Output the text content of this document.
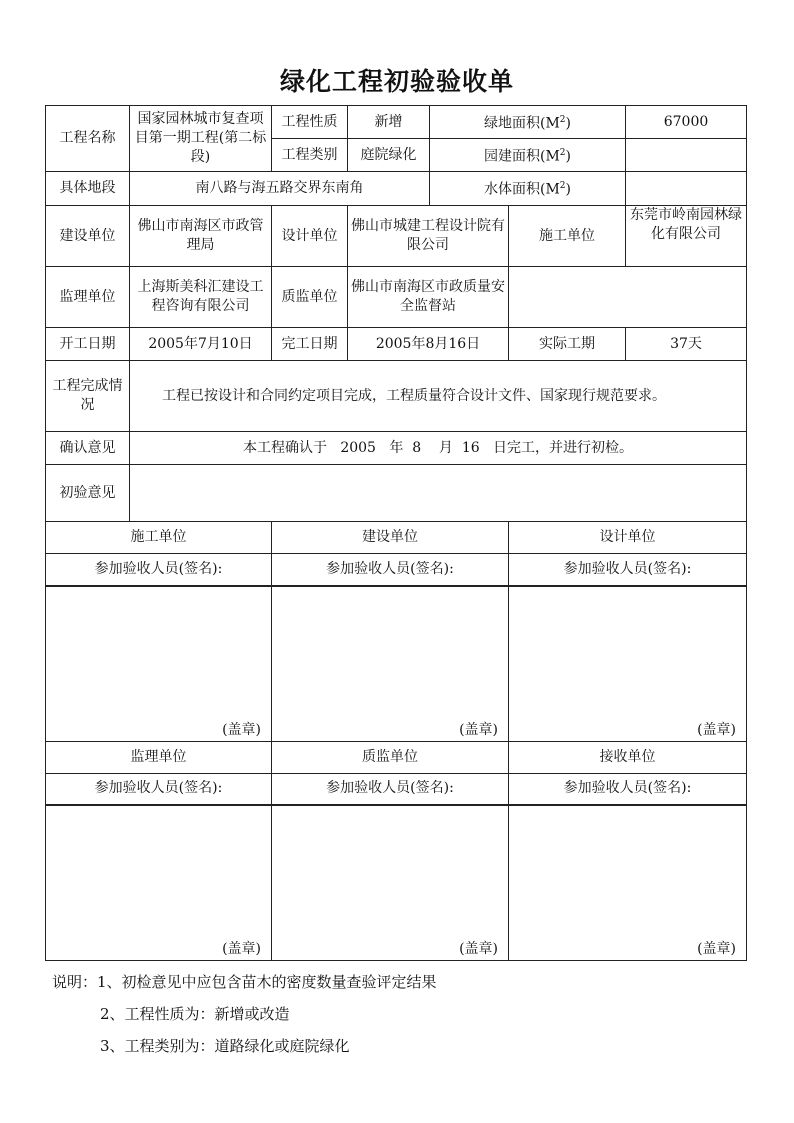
绿化工程初验验收单
工程名称	国家园林城市复查项目第一期工程(第二标段)	工程性质	新增	绿地面积$(M^2)$		67000
		工程类别	庭院绿化	园建面积$(M^2)$		
具体地段	南八路与海五路交界东南角			水体面积$(M^2)$		
建设单位	佛山市南海区市政管理局	设计单位	佛山市城建工程设计院有限公司		施工单位	东莞市岭南园林绿化有限公司
监理单位	上海斯美科汇建设工程咨询有限公司	质监单位	佛山市南海区市政质量安全监督站			
开工日期	2005年7月10日	完工日期	2005年8月16日		实际工期	37天
工程完成情况	工程已按设计和合同约定项目完成，工程质量符合设计文件、国家现行规范要求。					
确认意见	本工程确认于   2005   年  8    月  16   日完工，并进行初检。					
初验意见						
施工单位		建设单位			设计单位	
参加验收人员(签名):		参加验收人员(签名):			参加验收人员(签名):	

(盖章)		(盖章)			(盖章)	

监理单位		质监单位			接收单位	
参加验收人员(签名):		参加验收人员(签名):			参加验收人员(签名):	

(盖章)		(盖章)			(盖章)	
说明：1、初检意见中应包含苗木的密度数量查验评定结果
2、工程性质为：新增或改造
3、工程类别为：道路绿化或庭院绿化
